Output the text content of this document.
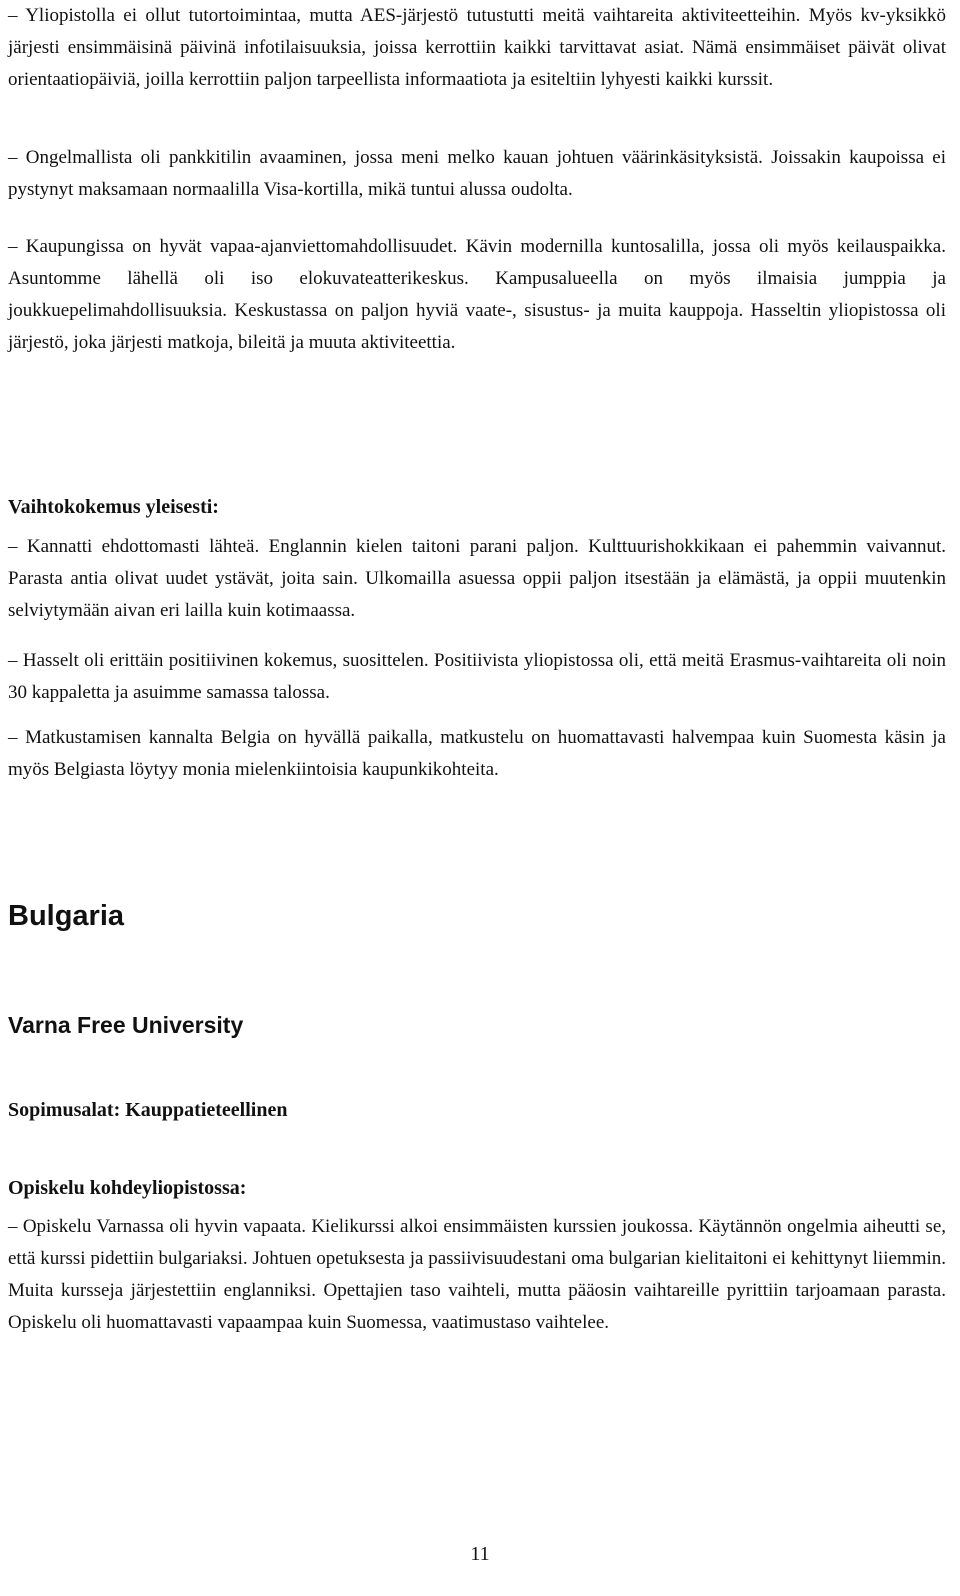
– Yliopistolla ei ollut tutortoimintaa, mutta AES-järjestö tutustutti meitä vaihtareita aktiviteetteihin. Myös kv-yksikkö järjesti ensimmäisinä päivinä infotilaisuuksia, joissa kerrottiin kaikki tarvittavat asiat. Nämä ensimmäiset päivät olivat orientaatiopäiviä, joilla kerrottiin paljon tarpeellista informaatiota ja esiteltiin lyhyesti kaikki kurssit.

– Ongelmallista oli pankkitilin avaaminen, jossa meni melko kauan johtuen väärinkäsityksistä. Joissakin kaupoissa ei pystynyt maksamaan normaalilla Visa-kortilla, mikä tuntui alussa oudolta.

– Kaupungissa on hyvät vapaa-ajanviettomahdollisuudet. Kävin modernilla kuntosalilla, jossa oli myös keilauspaikka. Asuntomme lähellä oli iso elokuvateatterikeskus. Kampusalueella on myös ilmaisia jumppia ja joukkuepelimahdollisuuksia. Keskustassa on paljon hyviä vaate-, sisustus- ja muita kauppoja. Hasseltin yliopistossa oli järjestö, joka järjesti matkoja, bileitä ja muuta aktiviteettia.

Vaihtokokemus yleisesti:

– Kannatti ehdottomasti lähteä. Englannin kielen taitoni parani paljon. Kulttuurishokkikaan ei pahemmin vaivannut. Parasta antia olivat uudet ystävät, joita sain. Ulkomailla asuessa oppii paljon itsestään ja elämästä, ja oppii muutenkin selviytymään aivan eri lailla kuin kotimaassa.

– Hasselt oli erittäin positiivinen kokemus, suosittelen. Positiivista yliopistossa oli, että meitä Erasmus-vaihtareita oli noin 30 kappaletta ja asuimme samassa talossa.

– Matkustamisen kannalta Belgia on hyvällä paikalla, matkustelu on huomattavasti halvempaa kuin Suomesta käsin ja myös Belgiasta löytyy monia mielenkiintoisia kaupunkikohteita.

Bulgaria
Varna Free University
Sopimusalat: Kauppatieteellinen
Opiskelu kohdeyliopistossa:

– Opiskelu Varnassa oli hyvin vapaata. Kielikurssi alkoi ensimmäisten kurssien joukossa. Käytännön ongelmia aiheutti se, että kurssi pidettiin bulgariaksi. Johtuen opetuksesta ja passiivisuudestani oma bulgarian kielitaitoni ei kehittynyt liiemmin. Muita kursseja järjestettiin englanniksi. Opettajien taso vaihteli, mutta pääosin vaihtareille pyrittiin tarjoamaan parasta. Opiskelu oli huomattavasti vapaampaa kuin Suomessa, vaatimustaso vaihtelee.

11
